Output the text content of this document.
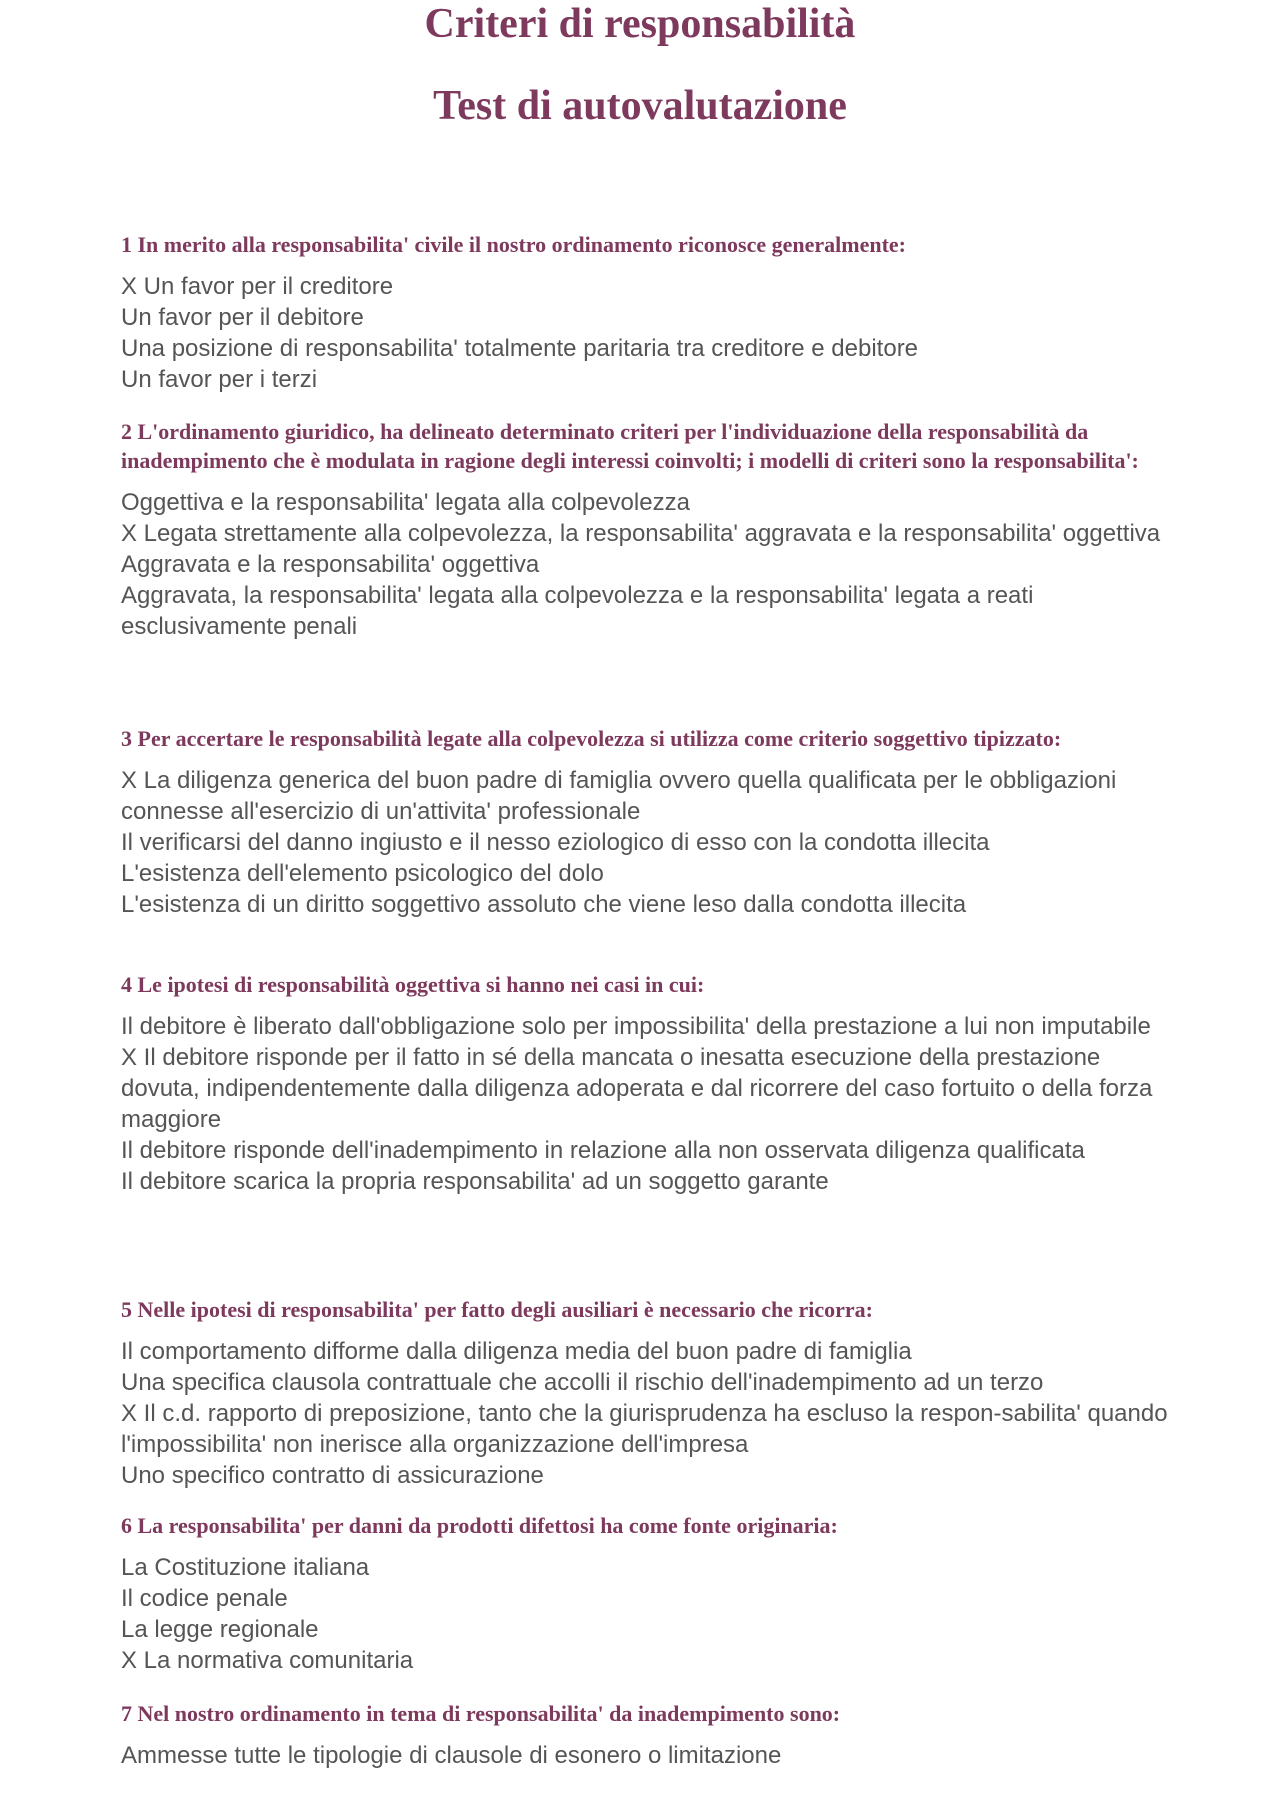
Criteri di responsabilità
Test di autovalutazione

1 In merito alla responsabilita' civile il nostro ordinamento riconosce generalmente:

X Un favor per il creditore
Un favor per il debitore
Una posizione di responsabilita' totalmente paritaria tra creditore e debitore
Un favor per i terzi

2 L'ordinamento giuridico, ha delineato determinato criteri per l'individuazione della responsabilità da inadempimento che è modulata in ragione degli interessi coinvolti; i modelli di criteri sono la responsabilita':

Oggettiva e la responsabilita' legata alla colpevolezza
X Legata strettamente alla colpevolezza, la responsabilita' aggravata e la responsabilita' oggettiva
Aggravata e la responsabilita' oggettiva
Aggravata, la responsabilita' legata alla colpevolezza e la responsabilita' legata a reati esclusivamente penali

3 Per accertare le responsabilità legate alla colpevolezza si utilizza come criterio soggettivo tipizzato:

X La diligenza generica del buon padre di famiglia ovvero quella qualificata per le obbligazioni connesse all'esercizio di un'attivita' professionale
Il verificarsi del danno ingiusto e il nesso eziologico di esso con la condotta illecita
L'esistenza dell'elemento psicologico del dolo
L'esistenza di un diritto soggettivo assoluto che viene leso dalla condotta illecita

4 Le ipotesi di responsabilità oggettiva si hanno nei casi in cui:

Il debitore è liberato dall'obbligazione solo per impossibilita' della prestazione a lui non imputabile
X Il debitore risponde per il fatto in sé della mancata o inesatta esecuzione della prestazione dovuta, indipendentemente dalla diligenza adoperata e dal ricorrere del caso fortuito o della forza maggiore
Il debitore risponde dell'inadempimento in relazione alla non osservata diligenza qualificata
Il debitore scarica la propria responsabilita' ad un soggetto garante

5 Nelle ipotesi di responsabilita' per fatto degli ausiliari è necessario che ricorra:

Il comportamento difforme dalla diligenza media del buon padre di famiglia
Una specifica clausola contrattuale che accolli il rischio dell'inadempimento ad un terzo
X Il c.d. rapporto di preposizione, tanto che la giurisprudenza ha escluso la respon-sabilita' quando l'impossibilita' non inerisce alla organizzazione dell'impresa
Uno specifico contratto di assicurazione

6 La responsabilita' per danni da prodotti difettosi ha come fonte originaria:

La Costituzione italiana
Il codice penale
La legge regionale
X La normativa comunitaria

7 Nel nostro ordinamento in tema di responsabilita' da inadempimento sono:

Ammesse tutte le tipologie di clausole di esonero o limitazione
